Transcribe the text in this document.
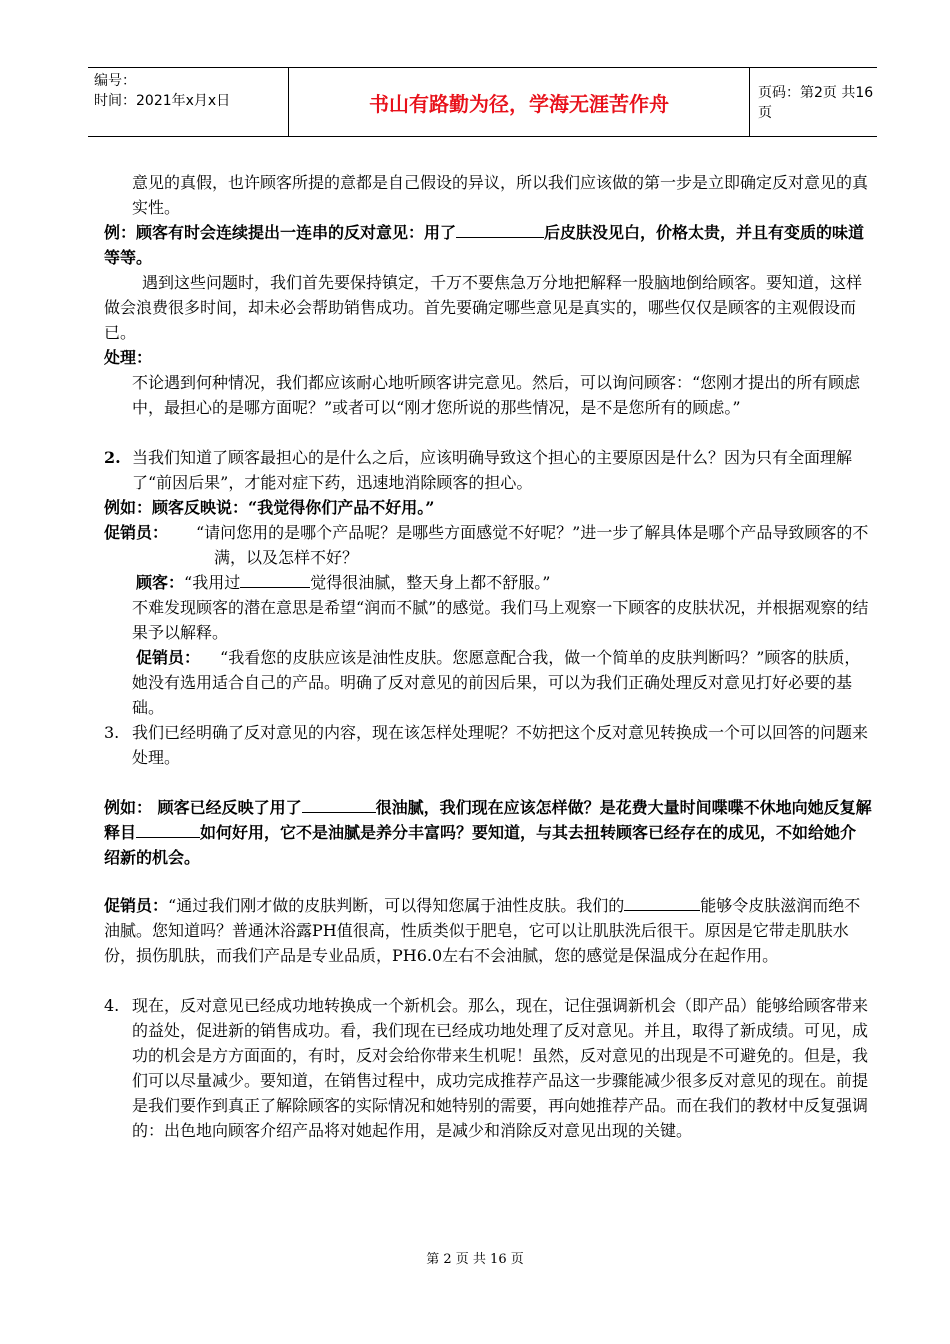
编号：
时间：2021年x月x日	书山有路勤为径，学海无涯苦作舟	页码：第2页 共16页
意见的真假，也许顾客所提的意都是自己假设的异议，所以我们应该做的第一步是立即确定反对意见的真实性。
例：顾客有时会连续提出一连串的反对意见：用了	后皮肤没见白，价格太贵，并且有变质的味道等等。
遇到这些问题时，我们首先要保持镇定，千万不要焦急万分地把解释一股脑地倒给顾客。要知道，这样做会浪费很多时间，却未必会帮助销售成功。首先要确定哪些意见是真实的，哪些仅仅是顾客的主观假设而已。
处理：
不论遇到何种情况，我们都应该耐心地听顾客讲完意见。然后，可以询问顾客：“您刚才提出的所有顾虑中，最担心的是哪方面呢？”或者可以“刚才您所说的那些情况，是不是您所有的顾虑。”
2. 当我们知道了顾客最担心的是什么之后，应该明确导致这个担心的主要原因是什么？因为只有全面理解了“前因后果”，才能对症下药，迅速地消除顾客的担心。
例如：顾客反映说：“我觉得你们产品不好用。”
促销员：	“请问您用的是哪个产品呢？是哪些方面感觉不好呢？”进一步了解具体是哪个产品导致顾客的不满，以及怎样不好？
顾客：“我用过	觉得很油腻，整天身上都不舒服。”
不难发现顾客的潜在意思是希望“润而不腻”的感觉。我们马上观察一下顾客的皮肤状况，并根据观察的结果予以解释。
促销员： “我看您的皮肤应该是油性皮肤。您愿意配合我，做一个简单的皮肤判断吗？”顾客的肤质，她没有选用适合自己的产品。明确了反对意见的前因后果，可以为我们正确处理反对意见打好必要的基础。
3. 我们已经明确了反对意见的内容，现在该怎样处理呢？不妨把这个反对意见转换成一个可以回答的问题来处理。
例如： 顾客已经反映了用了	很油腻，我们现在应该怎样做？是花费大量时间喋喋不休地向她反复解释目	如何好用，它不是油腻是养分丰富吗？要知道，与其去扭转顾客已经存在的成见，不如给她介绍新的机会。
促销员：“通过我们刚才做的皮肤判断，可以得知您属于油性皮肤。我们的	能够令皮肤滋润而绝不油腻。您知道吗？普通沐浴露PH值很高，性质类似于肥皂，它可以让肌肤洗后很干。原因是它带走肌肤水份，损伤肌肤，而我们产品是专业品质，PH6.0左右不会油腻，您的感觉是保温成分在起作用。
4. 现在，反对意见已经成功地转换成一个新机会。那么，现在，记住强调新机会（即产品）能够给顾客带来的益处，促进新的销售成功。看，我们现在已经成功地处理了反对意见。并且，取得了新成绩。可见，成功的机会是方方面面的，有时，反对会给你带来生机呢！虽然，反对意见的出现是不可避免的。但是，我们可以尽量减少。要知道，在销售过程中，成功完成推荐产品这一步骤能减少很多反对意见的现在。前提是我们要作到真正了解除顾客的实际情况和她特别的需要，再向她推荐产品。而在我们的教材中反复强调的：出色地向顾客介绍产品将对她起作用，是减少和消除反对意见出现的关键。
第 2 页 共 16 页
